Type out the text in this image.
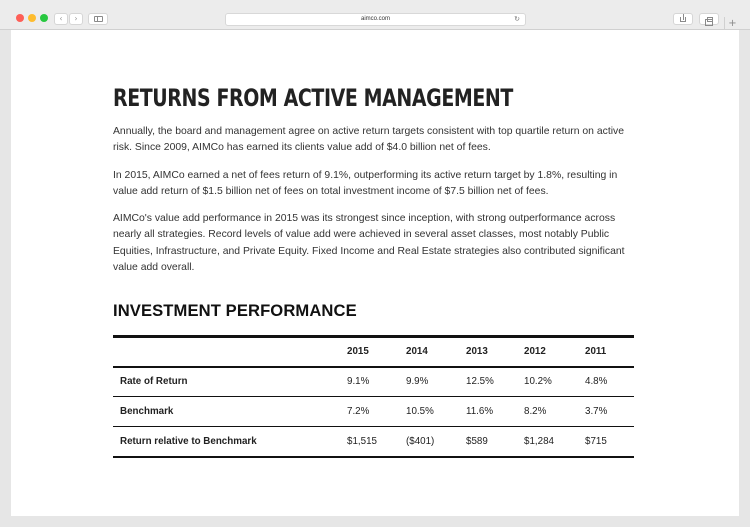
‹	›	aimco.com	↻	+
RETURNS FROM ACTIVE MANAGEMENT

Annually, the board and management agree on active return targets consistent with top quartile return on active risk. Since 2009, AIMCo has earned its clients value add of $4.0 billion net of fees.

In 2015, AIMCo earned a net of fees return of 9.1%, outperforming its active return target by 1.8%, resulting in value add return of $1.5 billion net of fees on total investment income of $7.5 billion net of fees.

AIMCo's value add performance in 2015 was its strongest since inception, with strong outperformance across nearly all strategies. Record levels of value add were achieved in several asset classes, most notably Public Equities, Infrastructure, and Private Equity. Fixed Income and Real Estate strategies also contributed significant value add overall.

INVESTMENT PERFORMANCE
	2015	2014	2013	2012	2011
Rate of Return	9.1%	9.9%	12.5%	10.2%	4.8%
Benchmark	7.2%	10.5%	11.6%	8.2%	3.7%
Return relative to Benchmark	$1,515	($401)	$589	$1,284	$715
